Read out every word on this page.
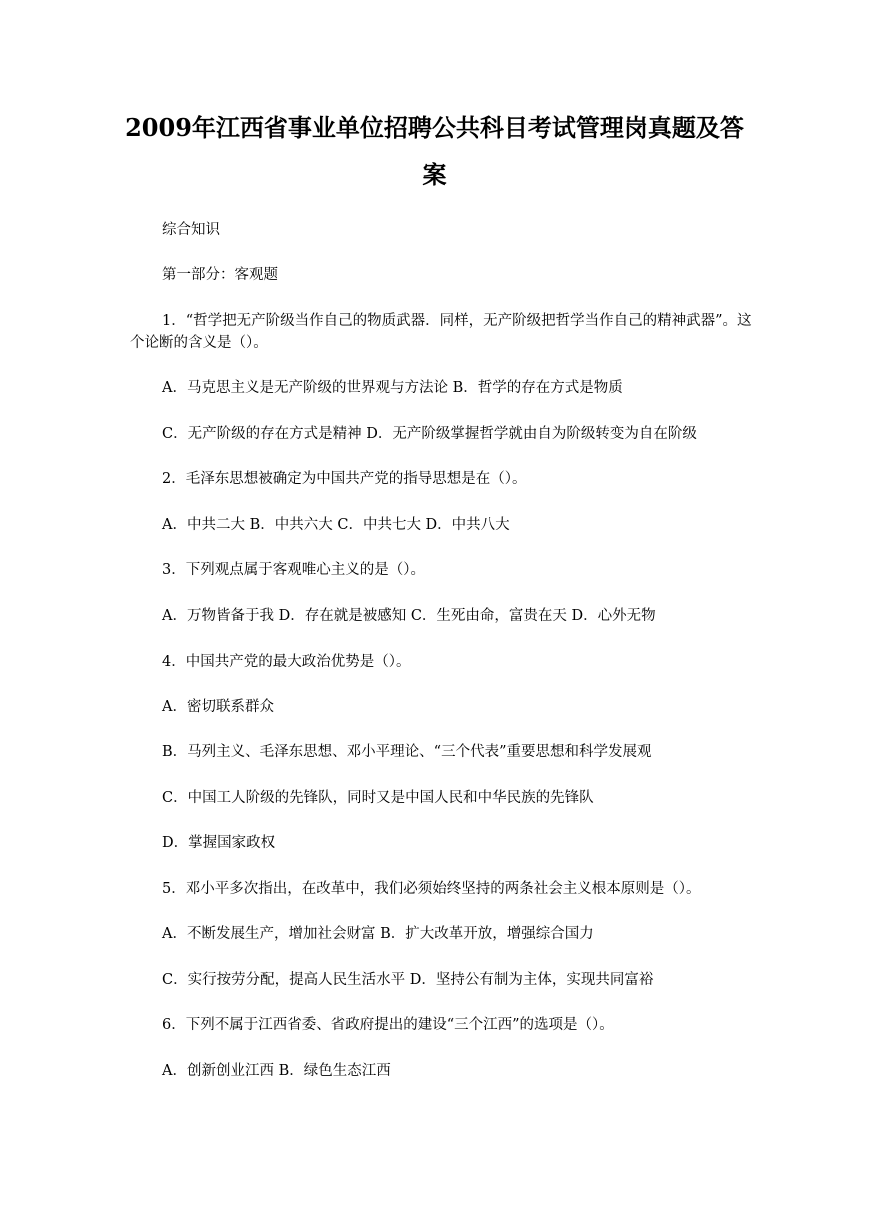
2009年江西省事业单位招聘公共科目考试管理岗真题及答
案

综合知识

第一部分：客观题

1．“哲学把无产阶级当作自己的物质武器．同样，无产阶级把哲学当作自己的精神武器”。这个论断的含义是（）。

A．马克思主义是无产阶级的世界观与方法论 B．哲学的存在方式是物质

C．无产阶级的存在方式是精神 D．无产阶级掌握哲学就由自为阶级转变为自在阶级

2．毛泽东思想被确定为中国共产党的指导思想是在（）。

A．中共二大 B．中共六大 C．中共七大 D．中共八大

3．下列观点属于客观唯心主义的是（）。

A．万物皆备于我 D．存在就是被感知 C．生死由命，富贵在天 D．心外无物

4．中国共产党的最大政治优势是（）。

A．密切联系群众

B．马列主义、毛泽东思想、邓小平理论、“三个代表”重要思想和科学发展观

C．中国工人阶级的先锋队，同时又是中国人民和中华民族的先锋队

D．掌握国家政权

5．邓小平多次指出，在改革中，我们必须始终坚持的两条社会主义根本原则是（）。

A．不断发展生产，增加社会财富 B．扩大改革开放，增强综合国力

C．实行按劳分配，提高人民生活水平 D．坚持公有制为主体，实现共同富裕

6．下列不属于江西省委、省政府提出的建设“三个江西”的选项是（）。

A．创新创业江西 B．绿色生态江西
